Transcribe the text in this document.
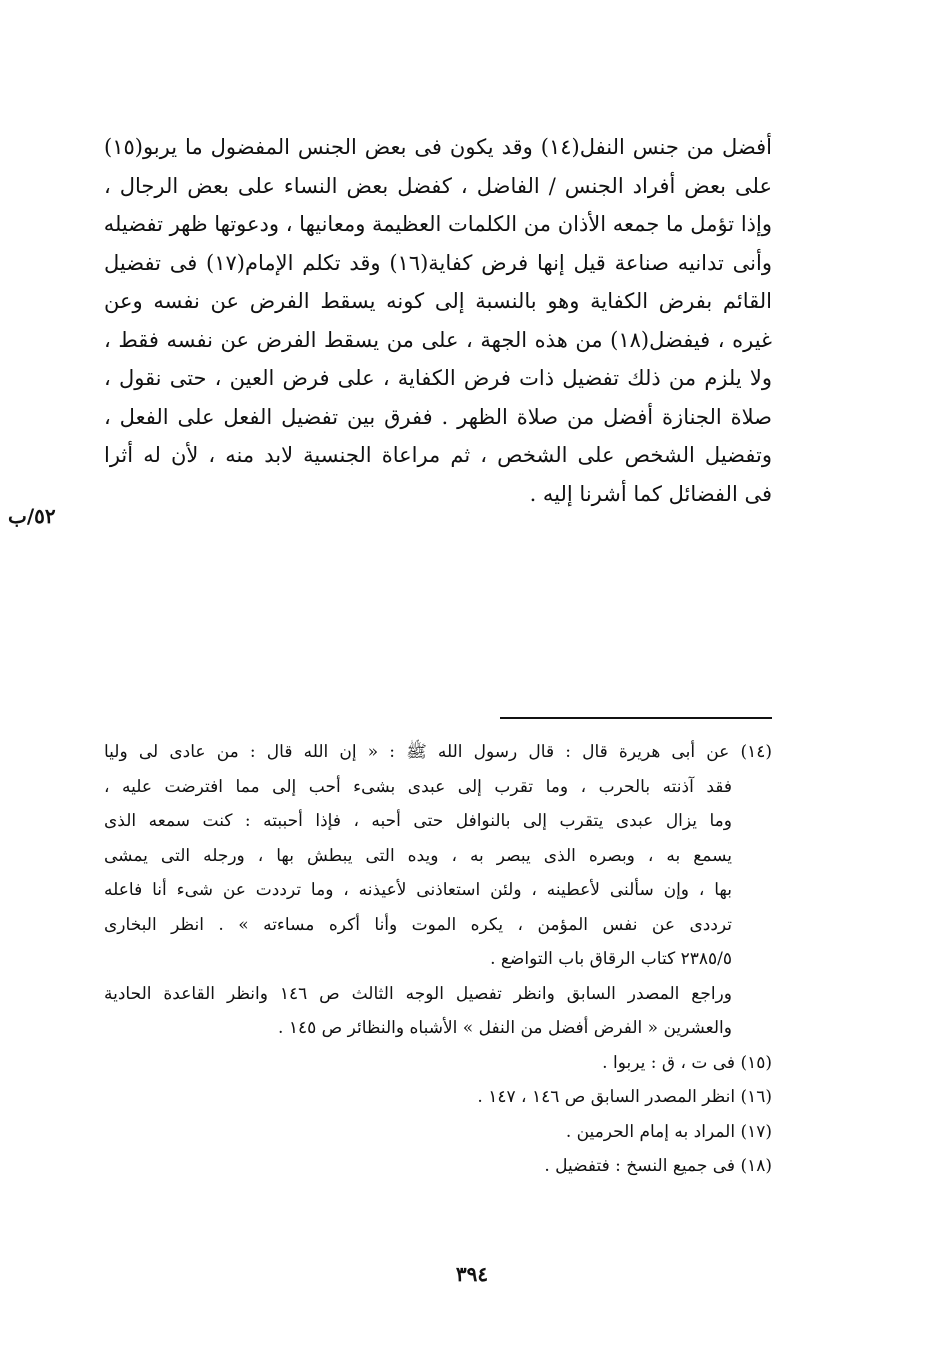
أفضل من جنس النفل(١٤) وقد يكون فى بعض الجنس المفضول ما يربو(١٥)
على بعض أفراد الجنس / الفاضل ، كفضل بعض النساء على بعض الرجال ،
وإذا تؤمل ما جمعه الأذان من الكلمات العظيمة ومعانيها ، ودعوتها ظهر تفضيله
وأنى تدانيه صناعة قيل إنها فرض كفاية(١٦) وقد تكلم الإمام(١٧) فى تفضيل
القائم بفرض الكفاية وهو بالنسبة إلى كونه يسقط الفرض عن نفسه وعن
غيره ، فيفضل(١٨) من هذه الجهة ، على من يسقط الفرض عن نفسه فقط ،
ولا يلزم من ذلك تفضيل ذات فرض الكفاية ، على فرض العين ، حتى نقول ،
صلاة الجنازة أفضل من صلاة الظهر . ففرق بين تفضيل الفعل على الفعل ،
وتفضيل الشخص على الشخص ، ثم مراعاة الجنسية لابد منه ، لأن له أثرا
فى الفضائل كما أشرنا إليه .
٥٢/ب
(١٤) عن أبى هريرة قال : قال رسول الله ﷺ : « إن الله قال : من عادى لى وليا
فقد آذنته بالحرب ، وما تقرب إلى عبدى بشىء أحب إلى مما افترضت عليه ،
وما يزال عبدى يتقرب إلى بالنوافل حتى أحبه ، فإذا أحببته : كنت سمعه الذى
يسمع به ، وبصره الذى يبصر به ، ويده التى يبطش بها ، ورجله التى يمشى
بها ، وإن سألنى لأعطينه ، ولئن استعاذنى لأعيذنه ، وما ترددت عن شىء أنا فاعله
ترددى عن نفس المؤمن ، يكره الموت وأنا أكره مساءته » . انظر البخارى
٢٣٨٥/٥ كتاب الرقاق باب التواضع .
وراجع المصدر السابق وانظر تفصيل الوجه الثالث ص ١٤٦ وانظر القاعدة الحادية
والعشرين « الفرض أفضل من النفل » الأشباه والنظائر ص ١٤٥ .
(١٥) فى ت ، ق : يربوا .
(١٦) انظر المصدر السابق ص ١٤٦ ، ١٤٧ .
(١٧) المراد به إمام الحرمين .
(١٨) فى جميع النسخ : فتفضيل .
٣٩٤
